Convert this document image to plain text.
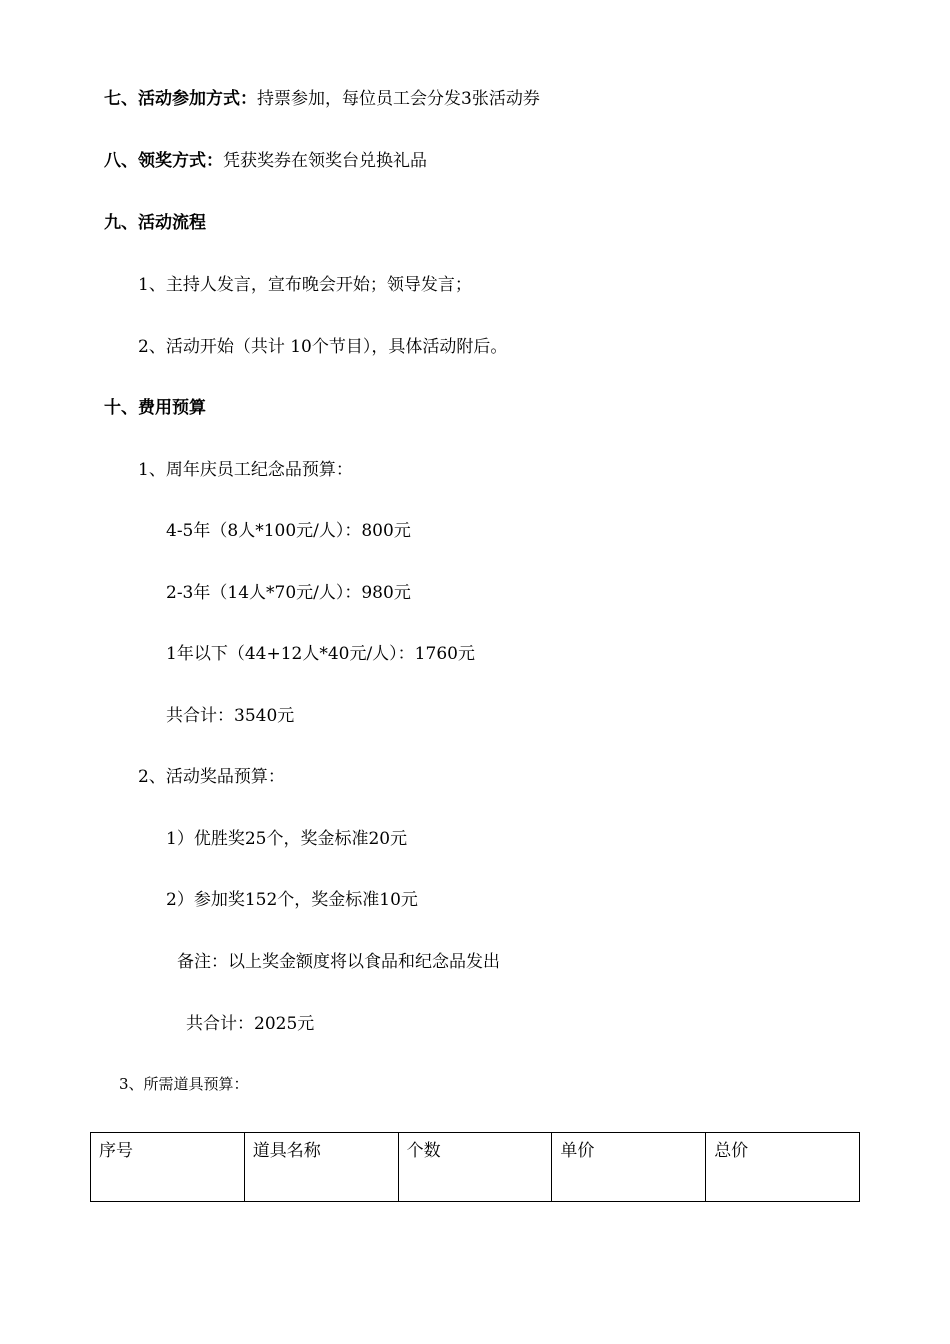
七、活动参加方式：持票参加，每位员工会分发3张活动券
八、领奖方式：凭获奖券在领奖台兑换礼品
九、活动流程
1、主持人发言，宣布晚会开始；领导发言；
2、活动开始（共计 10个节目），具体活动附后。
十、费用预算
1、周年庆员工纪念品预算：
4-5年（8人*100元/人）：800元
2-3年（14人*70元/人）：980元
1年以下（44+12人*40元/人）：1760元
共合计：3540元
2、活动奖品预算：
1）优胜奖25个，奖金标准20元
2）参加奖152个，奖金标准10元
备注：以上奖金额度将以食品和纪念品发出
共合计：2025元
3、所需道具预算：
序号	道具名称	个数	单价	总价
